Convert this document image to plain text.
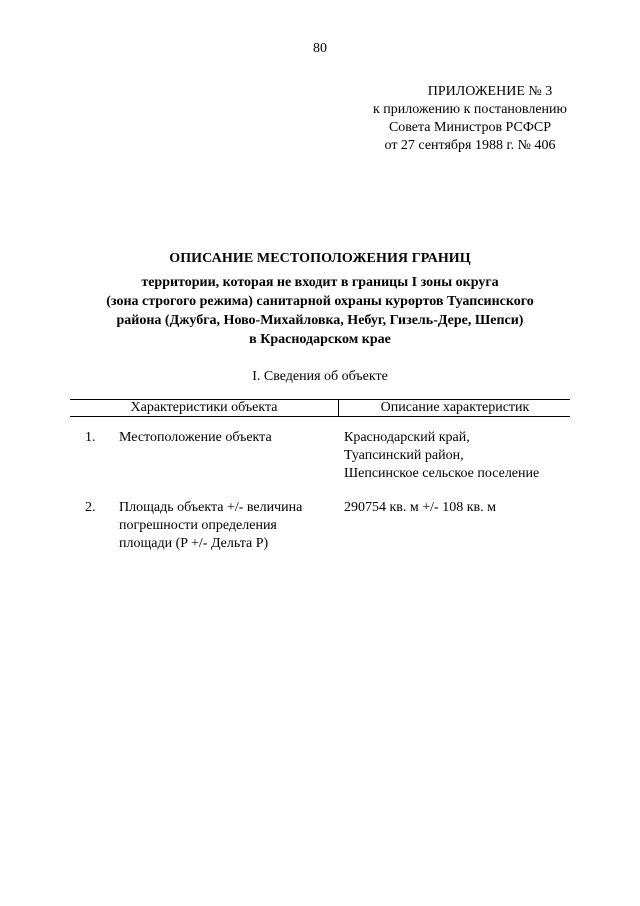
80
ПРИЛОЖЕНИЕ № 3
к приложению к постановлению
Совета Министров РСФСР
от 27 сентября 1988 г. № 406
ОПИСАНИЕ МЕСТОПОЛОЖЕНИЯ ГРАНИЦ
территории, которая не входит в границы I зоны округа
(зона строгого режима) санитарной охраны курортов Туапсинского
района (Джубга, Ново-Михайловка, Небуг, Гизель-Дере, Шепси)
в Краснодарском крае
I. Сведения об объекте
Характеристики объекта	Описание характеристик
1. Местоположение объекта	Краснодарский край,
Туапсинский район,
Шепсинское сельское поселение
2. Площадь объекта +/- величина
погрешности определения
площади (P +/- Дельта P)
290754 кв. м +/- 108 кв. м
